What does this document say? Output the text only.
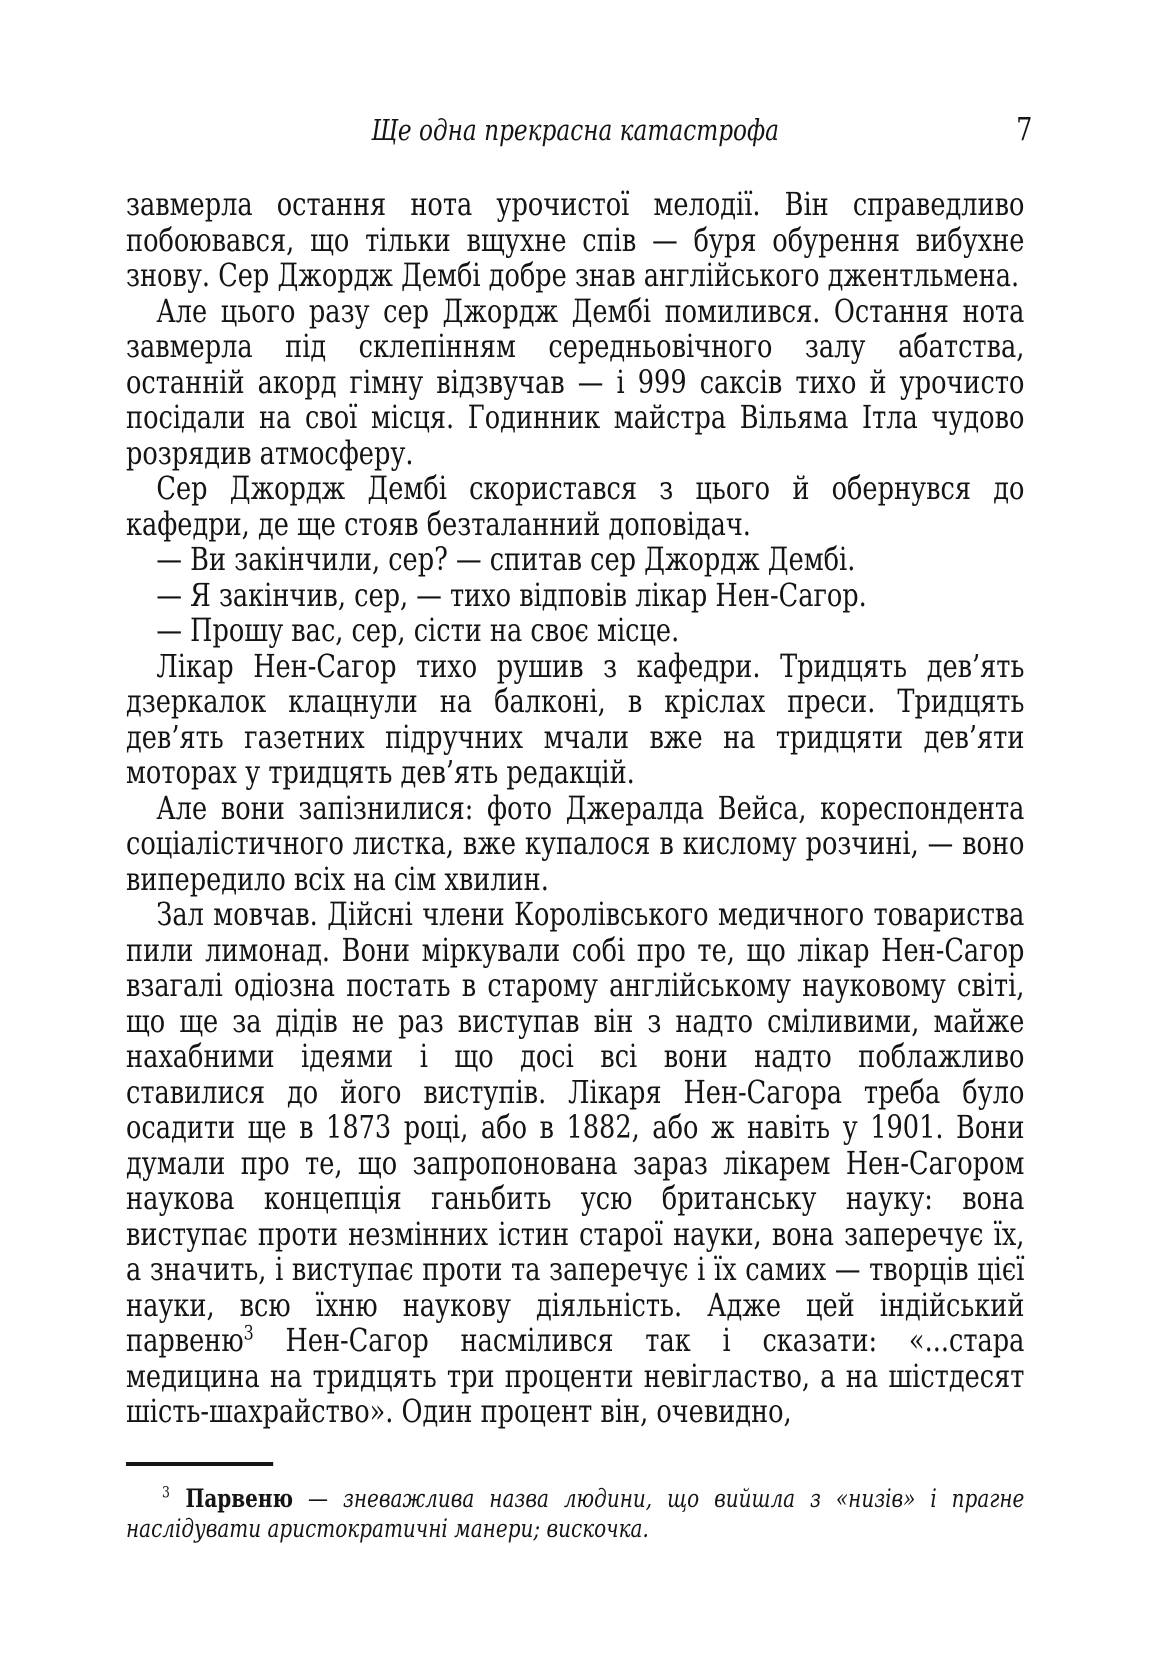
Ще одна прекрасна катастрофа	7

завмерла остання нота урочистої мелодії. Він справедливо побоювався, що тільки вщухне спів — буря обурення вибухне знову. Сер Джордж Дембі добре знав англійського джентльмена.

Але цього разу сер Джордж Дембі помилився. Остання нота завмерла під склепінням середньовічного залу абатства, останній акорд гімну відзвучав — і 999 саксів тихо й урочисто посідали на свої місця. Годинник майстра Вільяма Ітла чудово розрядив атмосферу.

Сер Джордж Дембі скористався з цього й обернувся до кафедри, де ще стояв безталанний доповідач.

— Ви закінчили, сер? — спитав сер Джордж Дембі.

— Я закінчив, сер, — тихо відповів лікар Нен-Сагор.

— Прошу вас, сер, сісти на своє місце.

Лікар Нен-Сагор тихо рушив з кафедри. Тридцять дев’ять дзеркалок клацнули на балконі, в кріслах преси. Тридцять дев’ять газетних підручних мчали вже на тридцяти дев’яти моторах у тридцять дев’ять редакцій.

Але вони запізнилися: фото Джералда Вейса, кореспондента соціалістичного листка, вже купалося в кислому розчині, — воно випередило всіх на сім хвилин.

Зал мовчав. Дійсні члени Королівського медичного товариства пили лимонад. Вони міркували собі про те, що лікар Нен-Сагор взагалі одіозна постать в старому англійському науковому світі, що ще за дідів не раз виступав він з надто сміливими, майже нахабними ідеями і що досі всі вони надто поблажливо ставилися до його виступів. Лікаря Нен-Сагора треба було осадити ще в 1873 році, або в 1882, або ж навіть у 1901. Вони думали про те, що запропонована зараз лікарем Нен-Сагором наукова концепція ганьбить усю британську науку: вона виступає проти незмінних істин старої науки, вона заперечує їх, а значить, і виступає проти та заперечує і їх самих — творців цієї науки, всю їхню наукову діяльність. Адже цей індійський парвеню$^3$ Нен-Сагор насмілився так і сказати: «...стара медицина на тридцять три проценти невігластво, а на шістдесят шість-шахрайство». Один процент він, очевидно,

$^3$ Парвеню — зневажлива назва людини, що вийшла з «низів» і прагне наслідувати аристократичні манери; вискочка.
